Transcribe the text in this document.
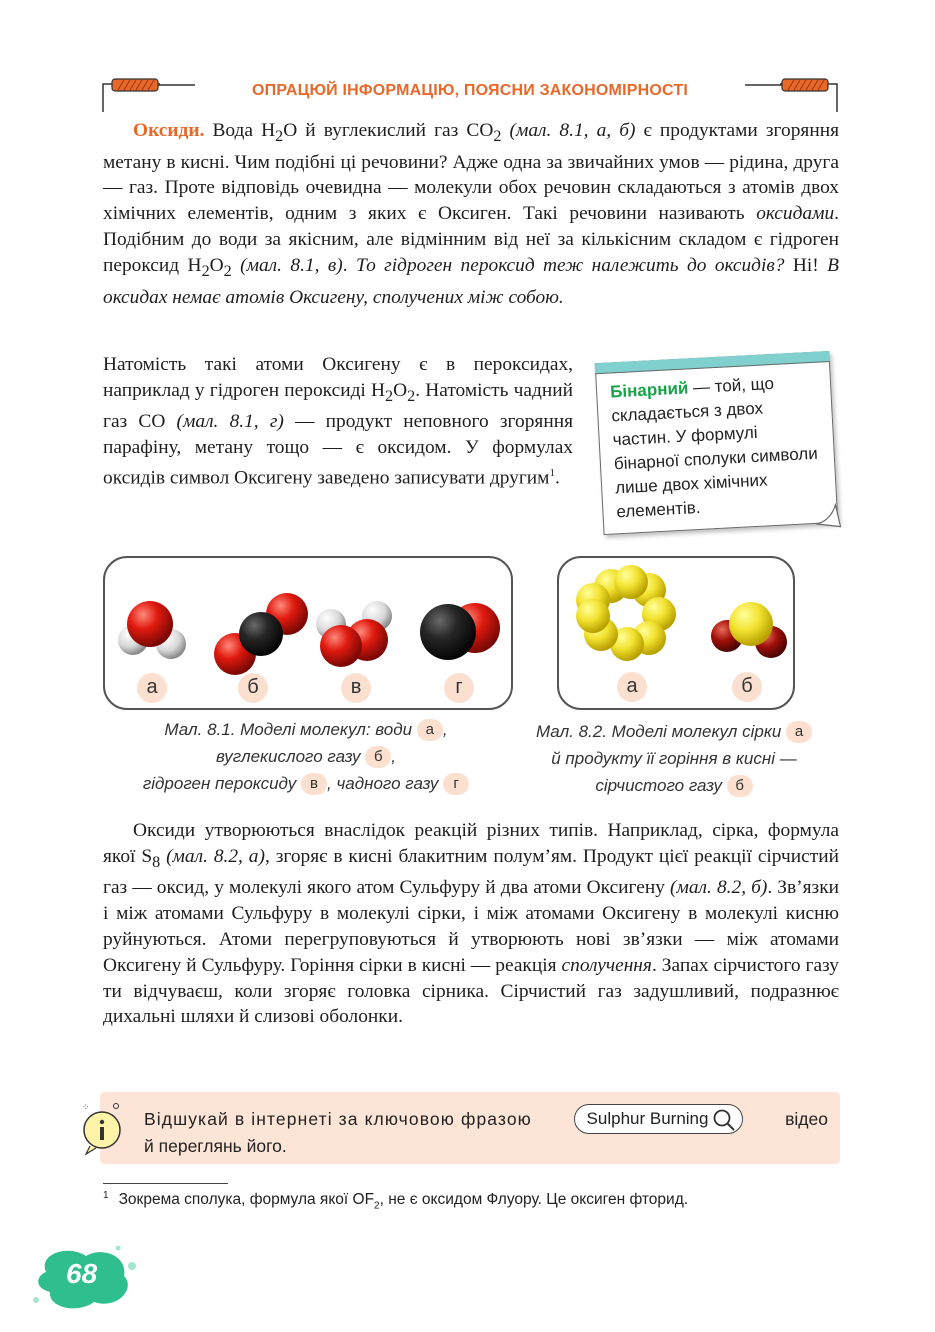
ОПРАЦЮЙ ІНФОРМАЦІЮ, ПОЯСНИ ЗАКОНОМІРНОСТІ

Оксиди. Вода $H_2O$ й вуглекислий газ $CO_2$ (мал. 8.1, а, б) є продуктами згоряння метану в кисні. Чим подібні ці речовини? Адже одна за звичайних умов — рідина, друга — газ. Проте відповідь очевидна — молекули обох речовин складаються з атомів двох хімічних елементів, одним з яких є Оксиген. Такі речовини називають оксидами. Подібним до води за якісним, але відмінним від неї за кількісним складом є гідроген пероксид $H_2O_2$ (мал. 8.1, в). То гідроген пероксид теж належить до оксидів? Ні! В оксидах немає атомів Оксигену, сполучених між собою.

Натомість такі атоми Оксигену є в пероксидах, наприклад у гідроген пероксиді $H_2O_2$. Натомість чадний газ CO (мал. 8.1, г) — продукт неповного згоряння парафіну, метану тощо — є оксидом. У формулах оксидів символ Оксигену заведено записувати другим$^1$.

Бінарний — той, що складається з двох частин. У формулі бінарної сполуки символи лише двох хімічних елементів.
а	б	в	г	а	б
Мал. 8.1. Моделі молекул: води а ,
вуглекислого газу б ,
гідроген пероксиду в , чадного газу г
Мал. 8.2. Моделі молекул сірки а
й продукту її горіння в кисні —
сірчистого газу б

Оксиди утворюються внаслідок реакцій різних типів. Наприклад, сірка, формула якої $S_8$ (мал. 8.2, а), згоряє в кисні блакитним полум’ям. Продукт цієї реакції сірчистий газ — оксид, у молекулі якого атом Сульфуру й два атоми Оксигену (мал. 8.2, б). Зв’язки і між атомами Сульфуру в молекулі сірки, і між атомами Оксигену в молекулі кисню руйнуються. Атоми перегруповуються й утворюють нові зв’язки — між атомами Оксигену й Сульфуру. Горіння сірки в кисні — реакція сполучення. Запах сірчистого газу ти відчуваєш, коли згоряє головка сірника. Сірчистий газ задушливий, подразнює дихальні шляхи й слизові оболонки.

⁘
Відшукай в інтернеті за ключовою фразою	Sulphur Burning	відео
й переглянь його.
$^1$ Зокрема сполука, формула якої $OF_2$, не є оксидом Флуору. Це оксиген фторид.
68
